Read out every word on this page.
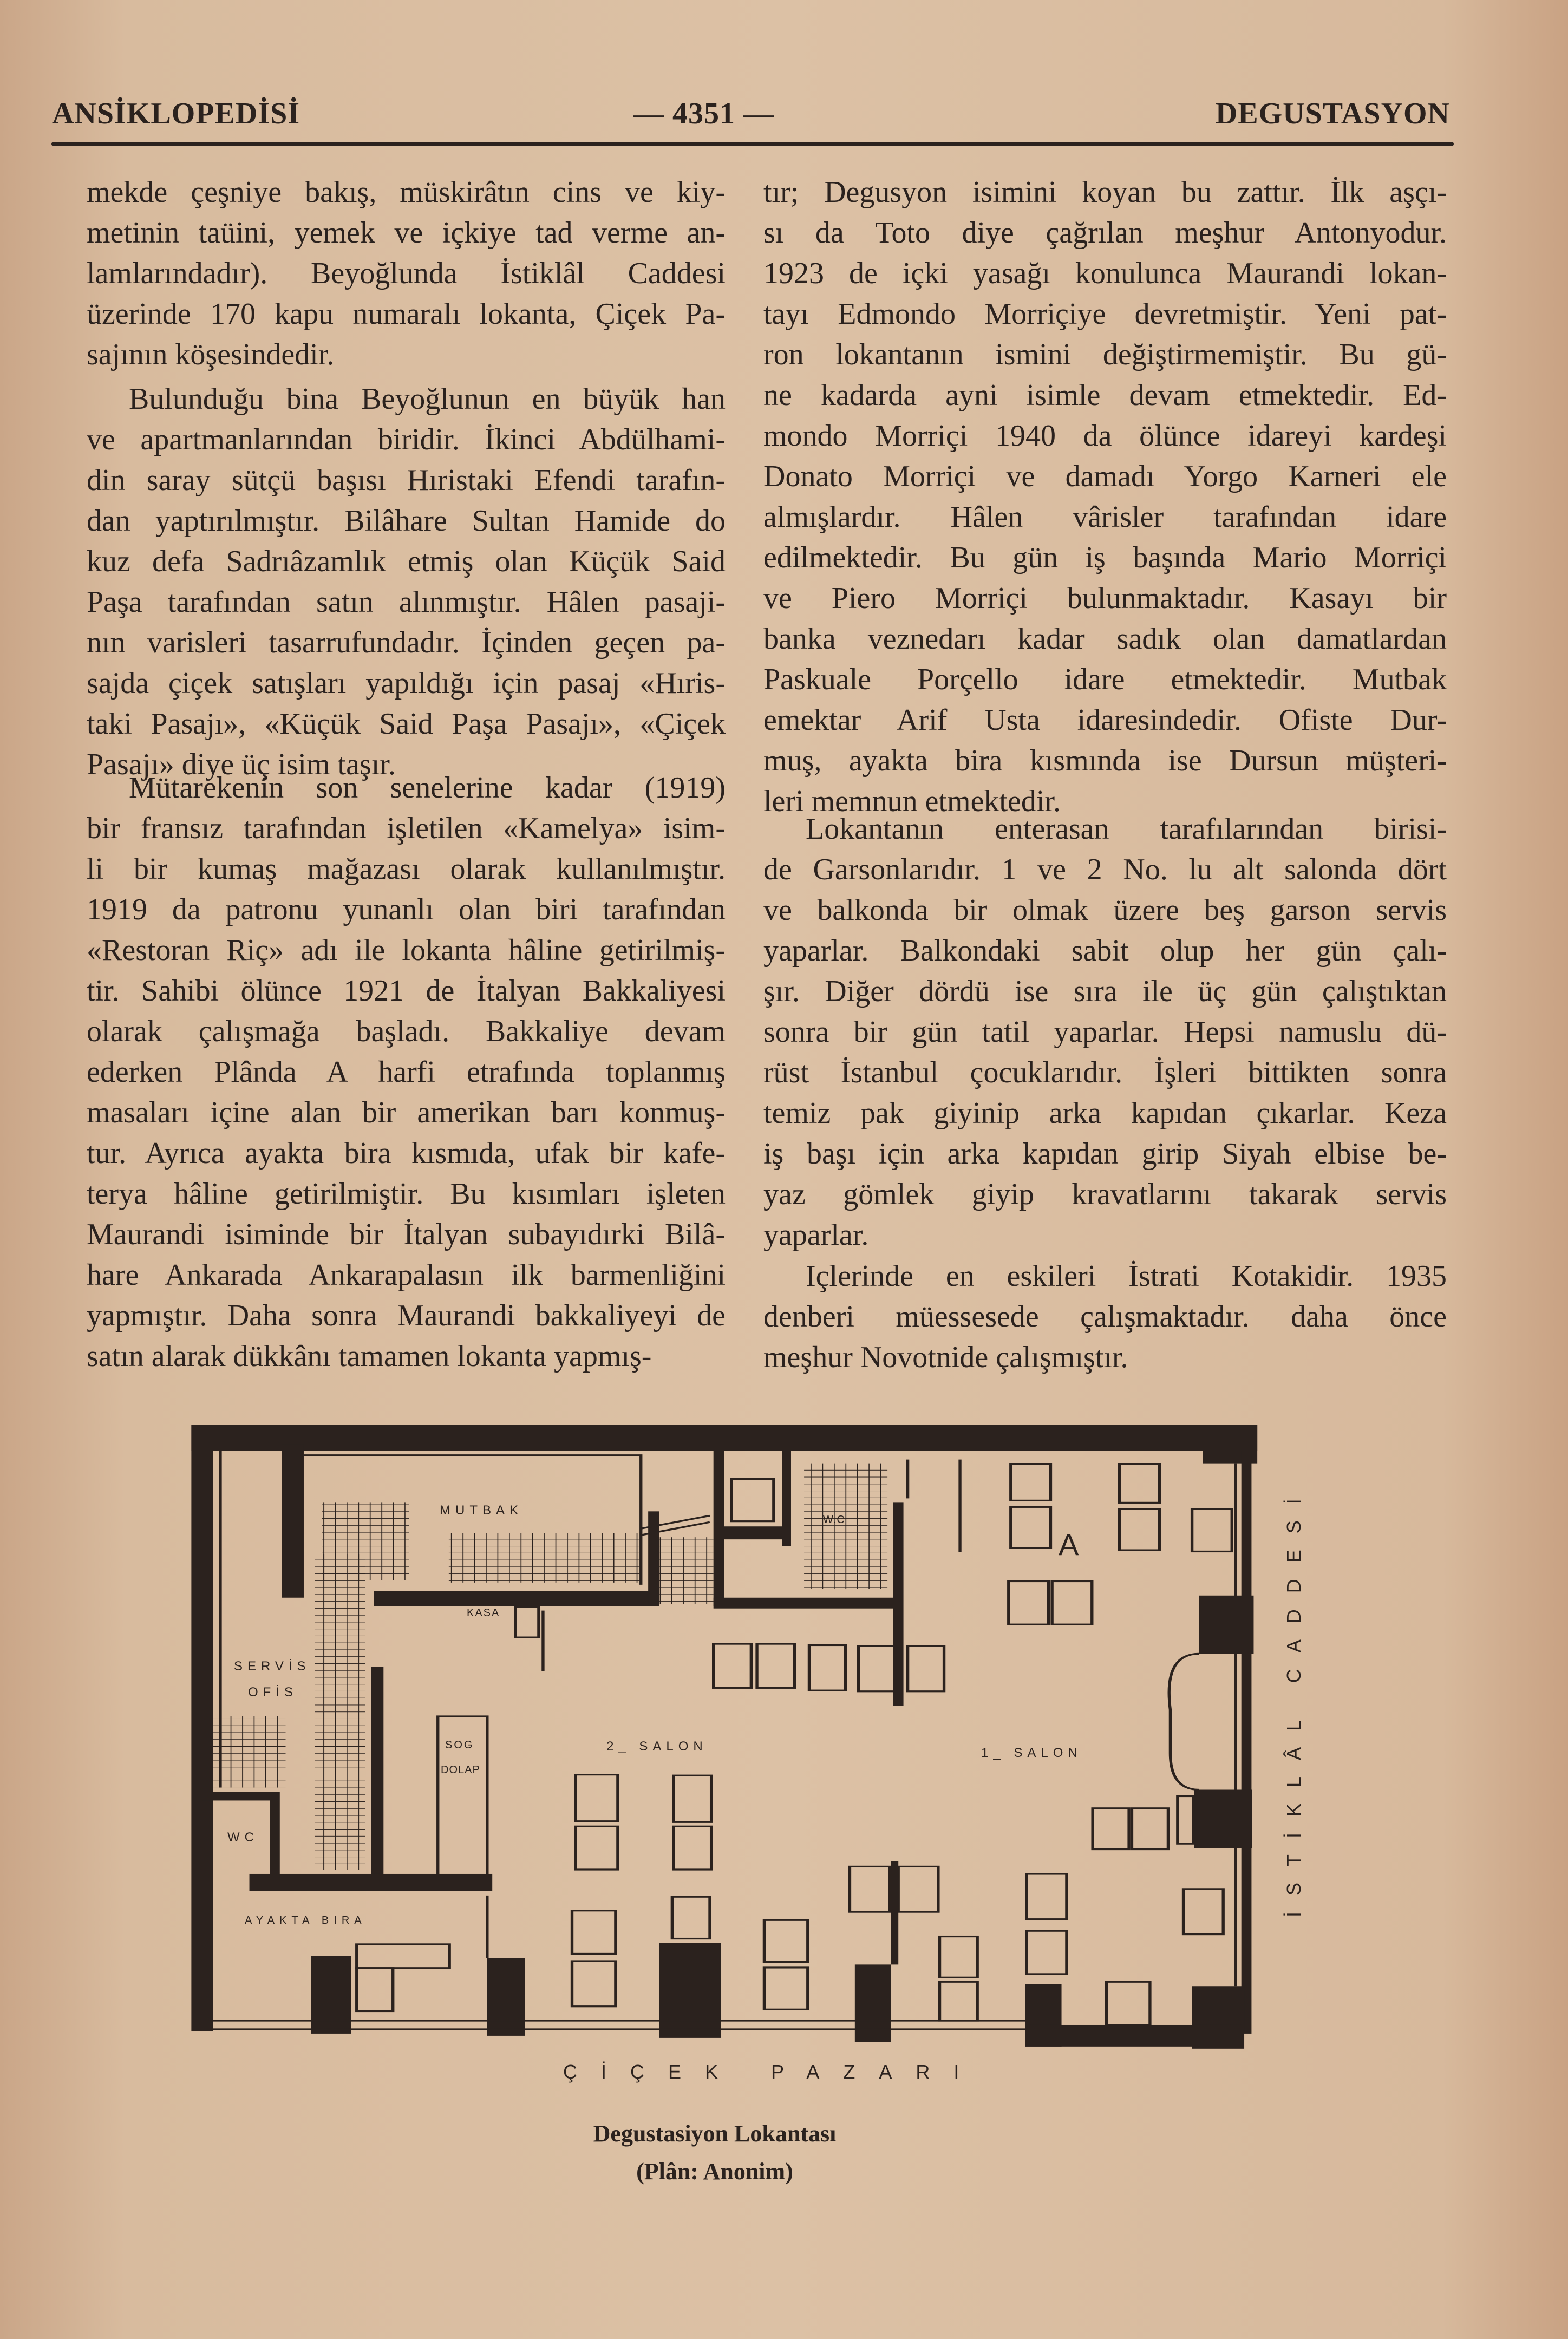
ANSİKLOPEDİSİ	— 4351 —	DEGUSTASYON
mekde çeşniye bakış, müskirâtın cins ve kiy-
metinin taüini, yemek ve içkiye tad verme an-
lamlarındadır). Beyoğlunda İstiklâl Caddesi
üzerinde 170 kapu numaralı lokanta, Çiçek Pa-
sajının köşesindedir.
Bulunduğu bina Beyoğlunun en büyük han
ve apartmanlarından biridir. İkinci Abdülhami-
din saray sütçü başısı Hıristaki Efendi tarafın-
dan yaptırılmıştır. Bilâhare Sultan Hamide do
kuz defa Sadrıâzamlık etmiş olan Küçük Said
Paşa tarafından satın alınmıştır. Hâlen pasaji-
nın varisleri tasarrufundadır. İçinden geçen pa-
sajda çiçek satışları yapıldığı için pasaj «Hıris-
taki Pasajı», «Küçük Said Paşa Pasajı», «Çiçek
Pasajı» diye üç isim taşır.
Mütarekenin son senelerine kadar (1919)
bir fransız tarafından işletilen «Kamelya» isim-
li bir kumaş mağazası olarak kullanılmıştır.
1919 da patronu yunanlı olan biri tarafından
«Restoran Riç» adı ile lokanta hâline getirilmiş-
tir. Sahibi ölünce 1921 de İtalyan Bakkaliyesi
olarak çalışmağa başladı. Bakkaliye devam
ederken Plânda A harfi etrafında toplanmış
masaları içine alan bir amerikan barı konmuş-
tur. Ayrıca ayakta bira kısmıda, ufak bir kafe-
terya hâline getirilmiştir. Bu kısımları işleten
Maurandi isiminde bir İtalyan subayıdırki Bilâ-
hare Ankarada Ankarapalasın ilk barmenliğini
yapmıştır. Daha sonra Maurandi bakkaliyeyi de
satın alarak dükkânı tamamen lokanta yapmış-
tır; Degusyon isimini koyan bu zattır. İlk aşçı-
sı da Toto diye çağrılan meşhur Antonyodur.
1923 de içki yasağı konulunca Maurandi lokan-
tayı Edmondo Morriçiye devretmiştir. Yeni pat-
ron lokantanın ismini değiştirmemiştir. Bu gü-
ne kadarda ayni isimle devam etmektedir. Ed-
mondo Morriçi 1940 da ölünce idareyi kardeşi
Donato Morriçi ve damadı Yorgo Karneri ele
almışlardır. Hâlen vârisler tarafından idare
edilmektedir. Bu gün iş başında Mario Morriçi
ve Piero Morriçi bulunmaktadır. Kasayı bir
banka veznedarı kadar sadık olan damatlardan
Paskuale Porçello idare etmektedir. Mutbak
emektar Arif Usta idaresindedir. Ofiste Dur-
muş, ayakta bira kısmında ise Dursun müşteri-
leri memnun etmektedir.
Lokantanın enterasan tarafılarından birisi-
de Garsonlarıdır. 1 ve 2 No. lu alt salonda dört
ve balkonda bir olmak üzere beş garson servis
yaparlar. Balkondaki sabit olup her gün çalı-
şır. Diğer dördü ise sıra ile üç gün çalıştıktan
sonra bir gün tatil yaparlar. Hepsi namuslu dü-
rüst İstanbul çocuklarıdır. İşleri bittikten sonra
temiz pak giyinip arka kapıdan çıkarlar. Keza
iş başı için arka kapıdan girip Siyah elbise be-
yaz gömlek giyip kravatlarını takarak servis
yaparlar.
Içlerinde en eskileri İstrati Kotakidir. 1935
denberi müessesede çalışmaktadır. daha önce
meşhur Novotnide çalışmıştır.
MUTBAK
KASA
SERVİS
OFİS
SOG
DOLAP
2_ SALON	1_ SALON
WC
W.C
AYAKTA BIRA
A	İSTİKLÂL CADDESİ
ÇİÇEK PAZARI
Degustasiyon Lokantası
(Plân: Anonim)
